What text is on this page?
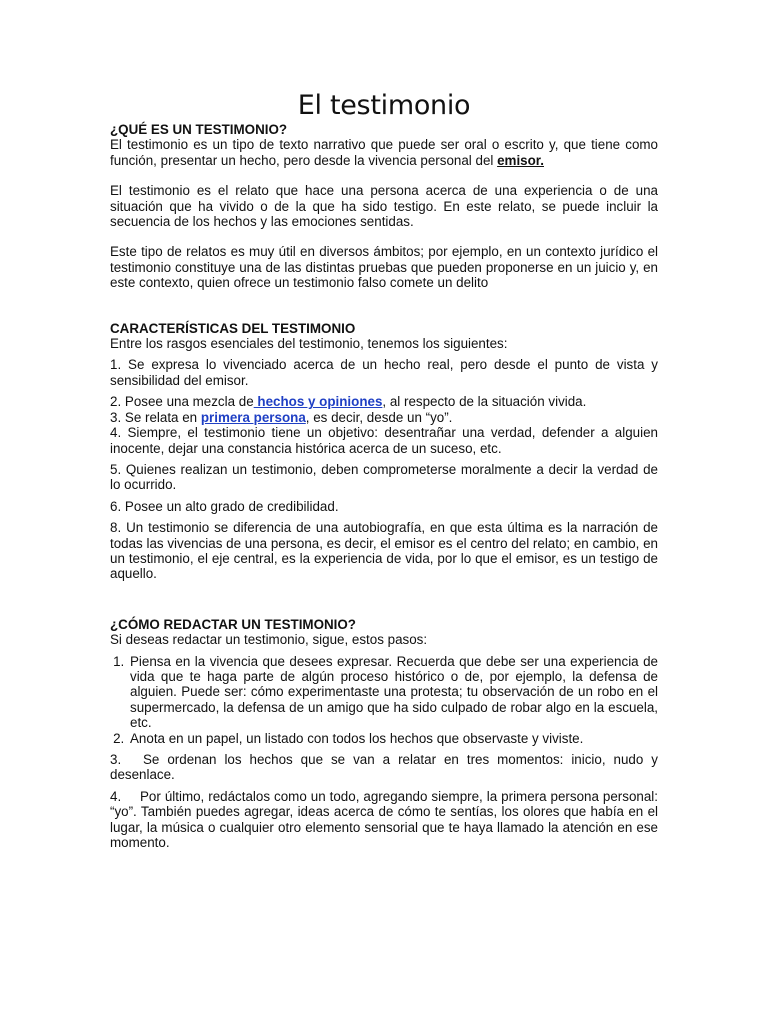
El testimonio
¿QUÉ ES UN TESTIMONIO?

El testimonio es un tipo de texto narrativo que puede ser oral o escrito y, que tiene como función, presentar un hecho, pero desde la vivencia personal del emisor.

El testimonio es el relato que hace una persona acerca de una experiencia o de una situación que ha vivido o de la que ha sido testigo. En este relato, se puede incluir la secuencia de los hechos y las emociones sentidas.

Este tipo de relatos es muy útil en diversos ámbitos; por ejemplo, en un contexto jurídico el testimonio constituye una de las distintas pruebas que pueden proponerse en un juicio y, en este contexto, quien ofrece un testimonio falso comete un delito

CARACTERÍSTICAS DEL TESTIMONIO

Entre los rasgos esenciales del testimonio, tenemos los siguientes:

1. Se expresa lo vivenciado acerca de un hecho real, pero desde el punto de vista y sensibilidad del emisor.

2. Posee una mezcla de hechos y opiniones, al respecto de la situación vivida.

3. Se relata en primera persona, es decir, desde un “yo”.

4. Siempre, el testimonio tiene un objetivo: desentrañar una verdad, defender a alguien inocente, dejar una constancia histórica acerca de un suceso, etc.

5. Quienes realizan un testimonio, deben comprometerse moralmente a decir la verdad de lo ocurrido.

6. Posee un alto grado de credibilidad.

8. Un testimonio se diferencia de una autobiografía, en que esta última es la narración de todas las vivencias de una persona, es decir, el emisor es el centro del relato; en cambio, en un testimonio, el eje central, es la experiencia de vida, por lo que el emisor, es un testigo de aquello.

¿CÓMO REDACTAR UN TESTIMONIO?

Si deseas redactar un testimonio, sigue, estos pasos:

1. Piensa en la vivencia que desees expresar. Recuerda que debe ser una experiencia de vida que te haga parte de algún proceso histórico o de, por ejemplo, la defensa de alguien. Puede ser: cómo experimentaste una protesta; tu observación de un robo en el supermercado, la defensa de un amigo que ha sido culpado de robar algo en la escuela, etc.
2. Anota en un papel, un listado con todos los hechos que observaste y viviste.

3. Se ordenan los hechos que se van a relatar en tres momentos: inicio, nudo y desenlace.

4. Por último, redáctalos como un todo, agregando siempre, la primera persona personal: “yo”. También puedes agregar, ideas acerca de cómo te sentías, los olores que había en el lugar, la música o cualquier otro elemento sensorial que te haya llamado la atención en ese momento.
